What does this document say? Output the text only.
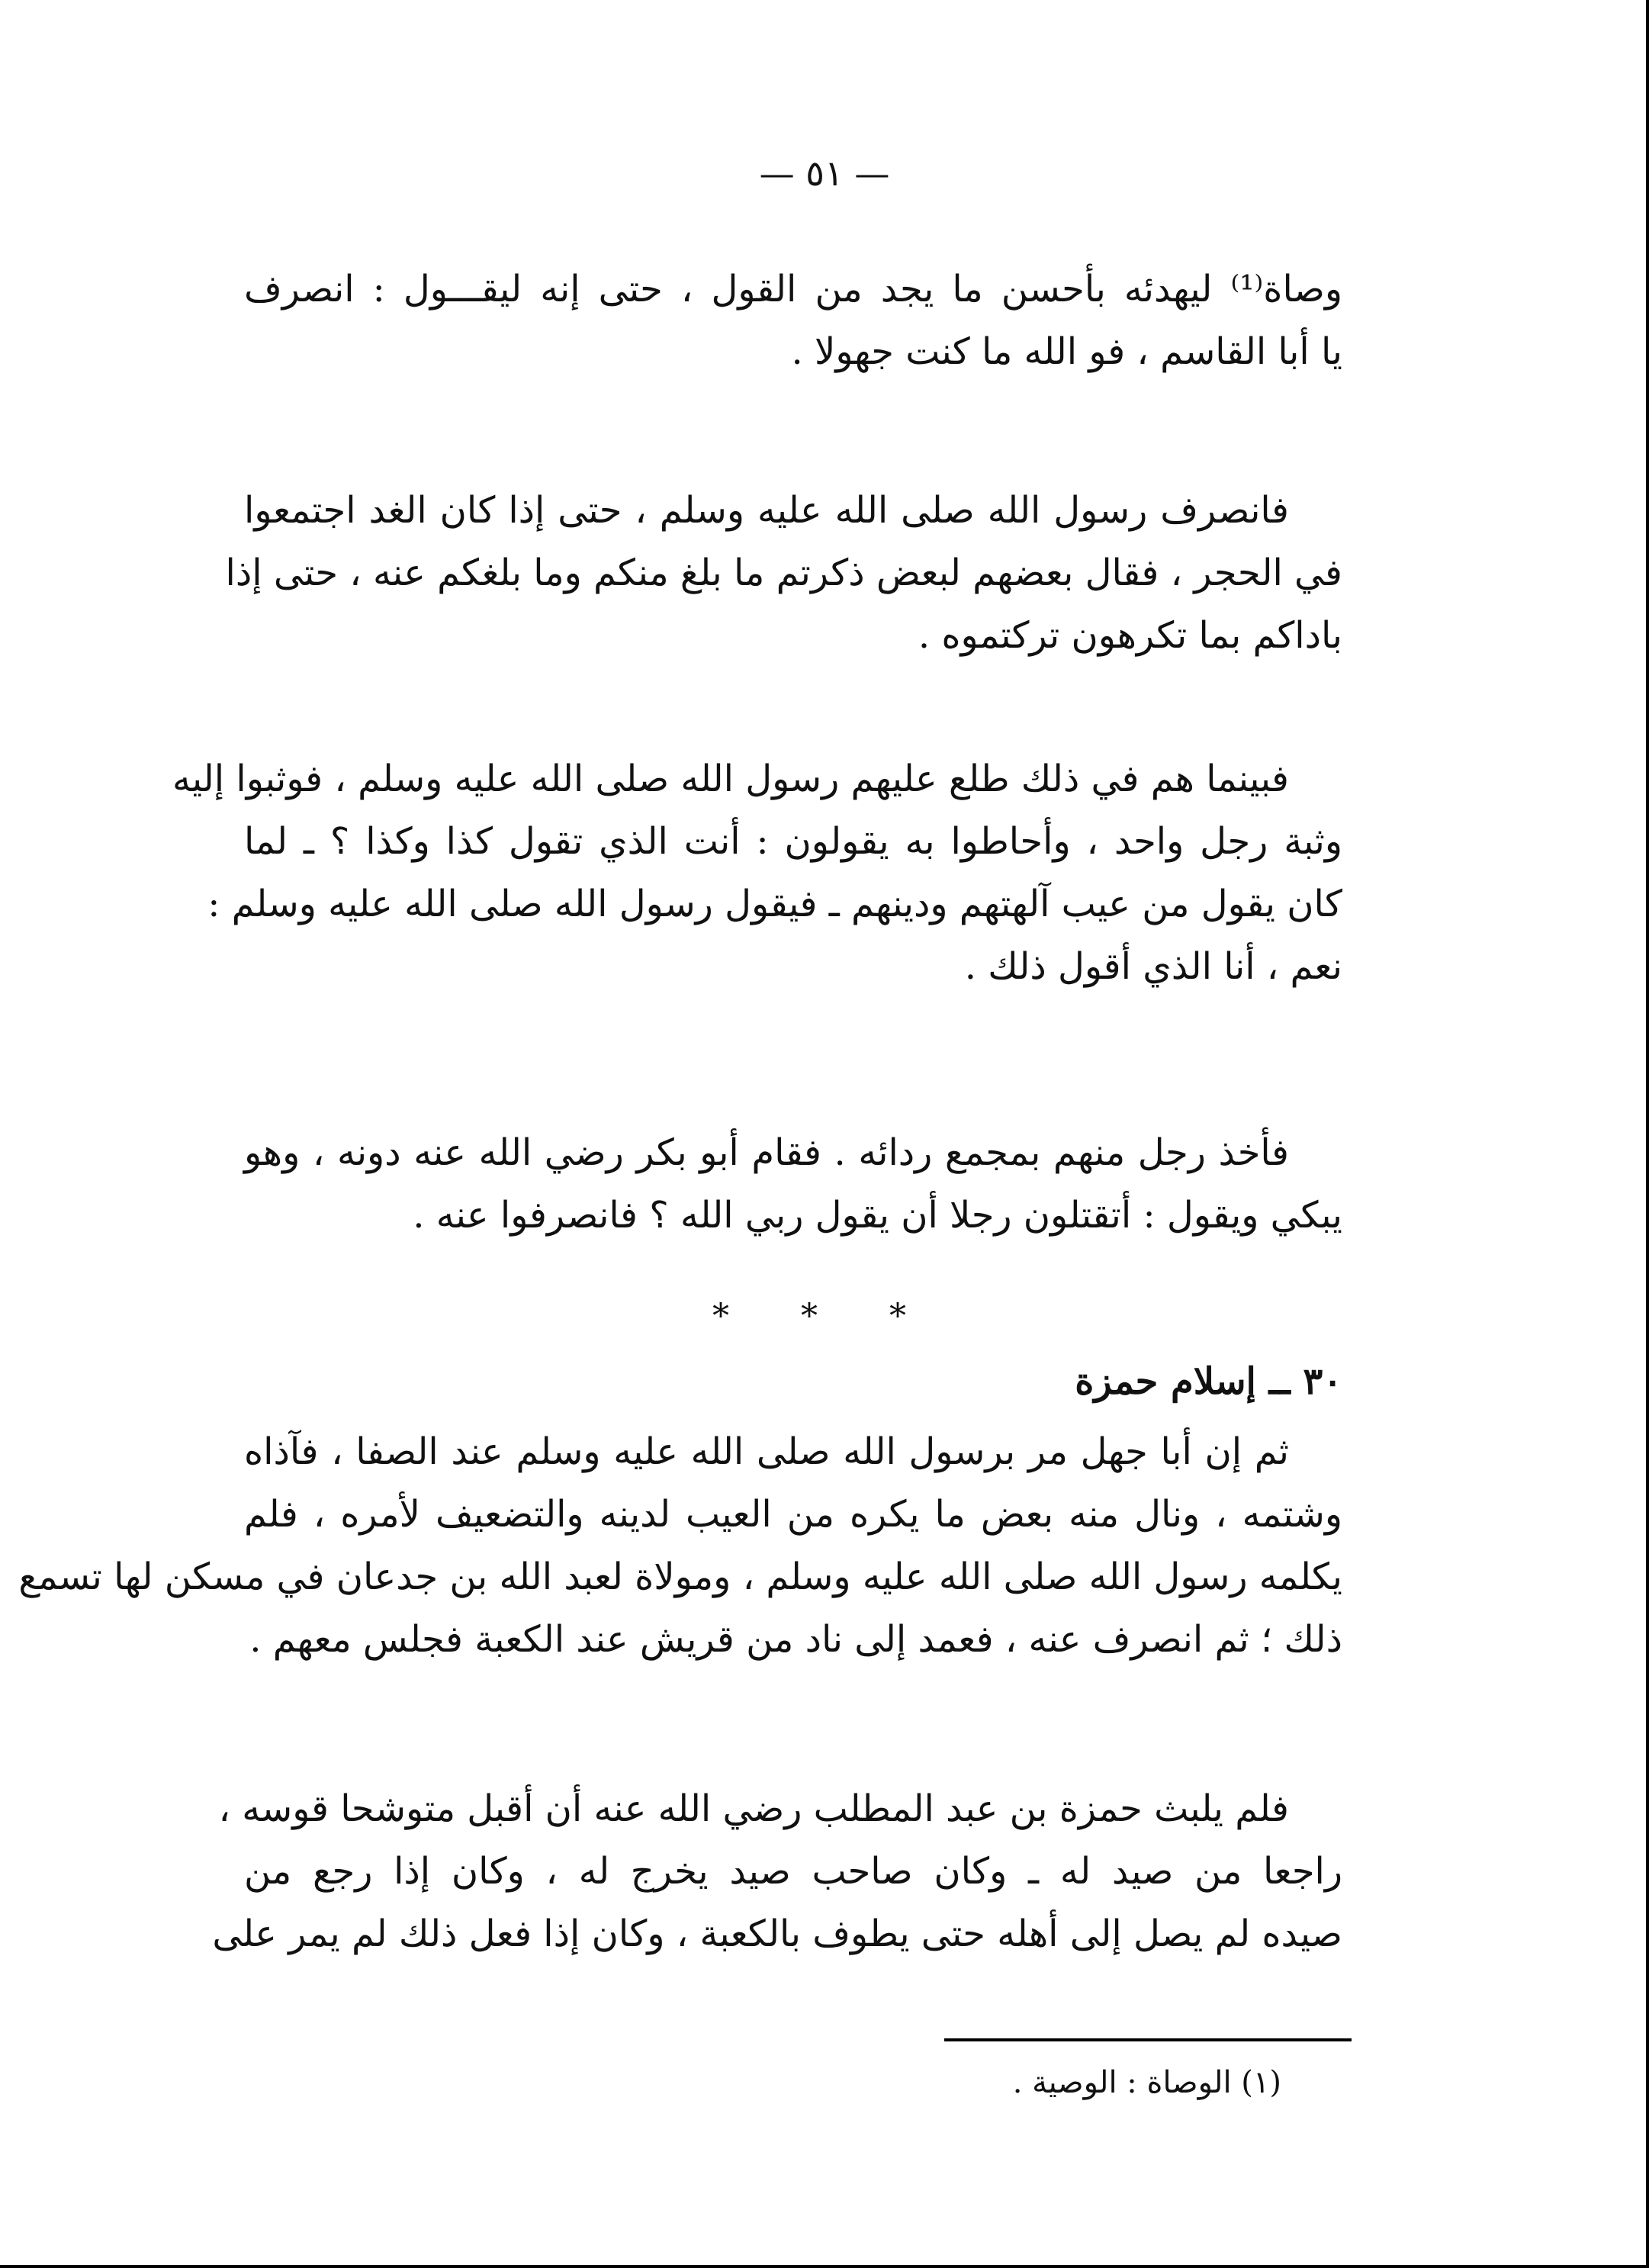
— ٥١ —
وصاة⁽¹⁾ ليهدئه بأحسن ما يجد من القول ، حتى إنه ليقـــول : انصرف
يا أبا القاسم ، فو الله ما كنت جهولا .
فانصرف رسول الله صلى الله عليه وسلم ، حتى إذا كان الغد اجتمعوا
في الحجر ، فقال بعضهم لبعض ذكرتم ما بلغ منكم وما بلغكم عنه ، حتى إذا
باداكم بما تكرهون تركتموه .
فبينما هم في ذلك طلع عليهم رسول الله صلى الله عليه وسلم ، فوثبوا إليه
وثبة رجل واحد ، وأحاطوا به يقولون : أنت الذي تقول كذا وكذا ؟ ـ لما
كان يقول من عيب آلهتهم ودينهم ـ فيقول رسول الله صلى الله عليه وسلم :
نعم ، أنا الذي أقول ذلك .
فأخذ رجل منهم بمجمع ردائه . فقام أبو بكر رضي الله عنه دونه ، وهو
يبكي ويقول : أتقتلون رجلا أن يقول ربي الله ؟ فانصرفوا عنه .
* * *
٣٠ ــ إسلام حمزة
ثم إن أبا جهل مر برسول الله صلى الله عليه وسلم عند الصفا ، فآذاه
وشتمه ، ونال منه بعض ما يكره من العيب لدينه والتضعيف لأمره ، فلم
يكلمه رسول الله صلى الله عليه وسلم ، ومولاة لعبد الله بن جدعان في مسكن لها تسمع
ذلك ؛ ثم انصرف عنه ، فعمد إلى ناد من قريش عند الكعبة فجلس معهم .
فلم يلبث حمزة بن عبد المطلب رضي الله عنه أن أقبل متوشحا قوسه ،
راجعا من صيد له ـ وكان صاحب صيد يخرج له ، وكان إذا رجع من
صيده لم يصل إلى أهله حتى يطوف بالكعبة ، وكان إذا فعل ذلك لم يمر على
(١) الوصاة : الوصية .
